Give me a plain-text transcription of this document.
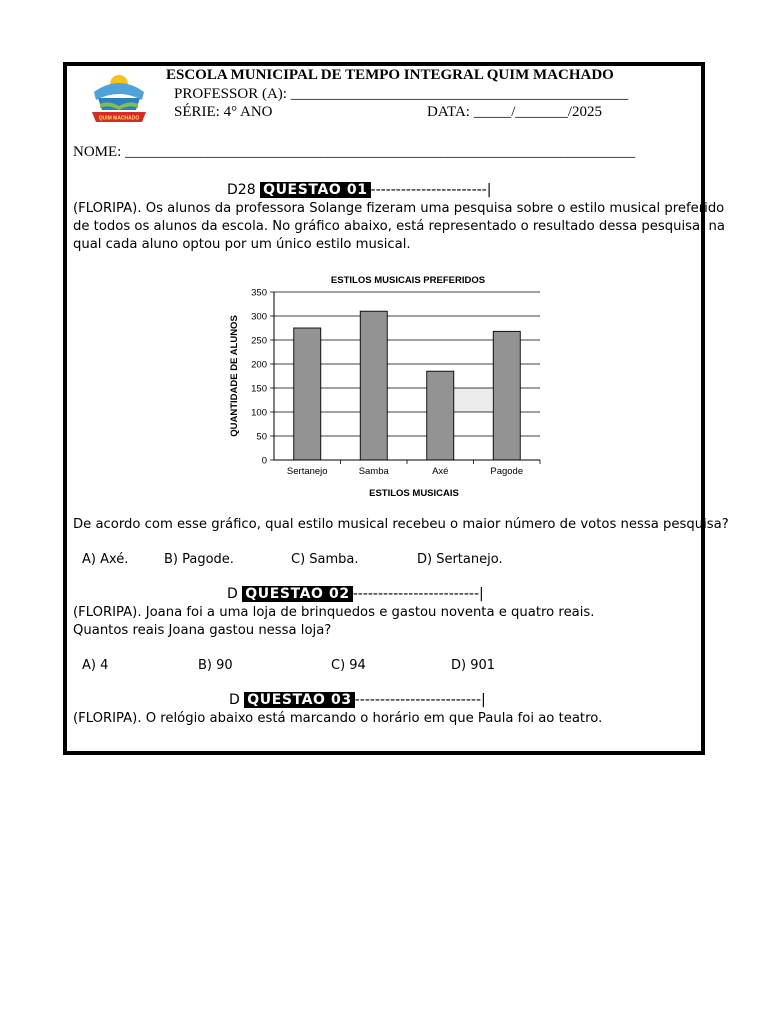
QUIM MACHADO
ESCOLA MUNICIPAL DE TEMPO INTEGRAL QUIM MACHADO
PROFESSOR (A): _____________________________________________
SÉRIE: 4° ANO	DATA: _____/_______/2025
NOME: ____________________________________________________________________
D28 QUESTAO 01 -----------------------|
(FLORIPA). Os alunos da professora Solange fizeram uma pesquisa sobre o estilo musical preferido
de todos os alunos da escola. No gráfico abaixo, está representado o resultado dessa pesquisa, na
qual cada aluno optou por um único estilo musical.
ESTILOS MUSICAIS PREFERIDOS
ESTILOS MUSICAIS
QUANTIDADE DE ALUNOS
0
50
100
150
200
250
300
350
Sertanejo	Samba	Axé	Pagode
De acordo com esse gráfico, qual estilo musical recebeu o maior número de votos nessa pesquisa?
A) Axé.	B) Pagode.	C) Samba.	D) Sertanejo.
D QUESTAO 02 -------------------------|
(FLORIPA). Joana foi a uma loja de brinquedos e gastou noventa e quatro reais.
Quantos reais Joana gastou nessa loja?
A) 4	B) 90	C) 94	D) 901
D QUESTAO 03 -------------------------|
(FLORIPA). O relógio abaixo está marcando o horário em que Paula foi ao teatro.
